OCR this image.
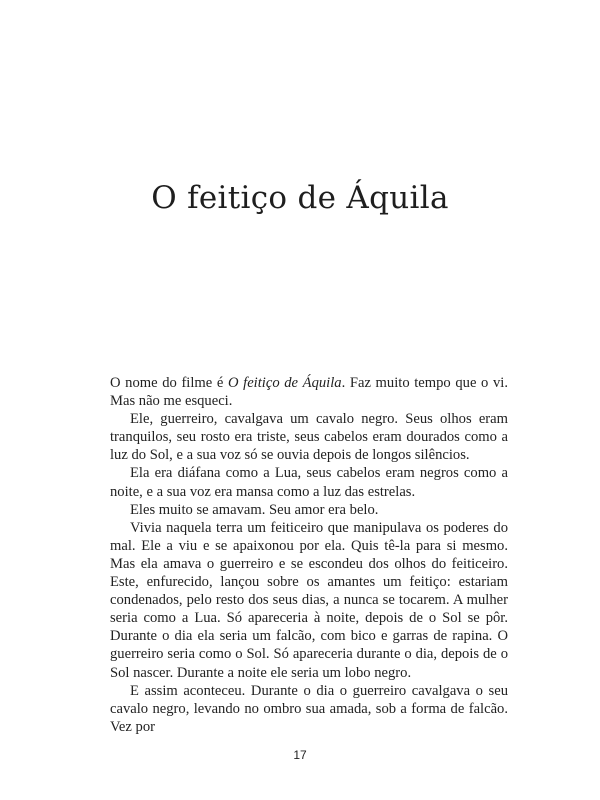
O feitiço de Áquila

O nome do filme é O feitiço de Áquila. Faz muito tempo que o vi. Mas não me esqueci.

Ele, guerreiro, cavalgava um cavalo negro. Seus olhos eram tranquilos, seu rosto era triste, seus cabelos eram dourados como a luz do Sol, e a sua voz só se ouvia depois de longos silêncios.

Ela era diáfana como a Lua, seus cabelos eram negros como a noite, e a sua voz era mansa como a luz das estrelas.

Eles muito se amavam. Seu amor era belo.

Vivia naquela terra um feiticeiro que manipulava os poderes do mal. Ele a viu e se apaixonou por ela. Quis tê-la para si mesmo. Mas ela amava o guerreiro e se escondeu dos olhos do feiticeiro. Este, enfurecido, lançou sobre os amantes um feitiço: estariam condenados, pelo resto dos seus dias, a nunca se tocarem. A mulher seria como a Lua. Só apareceria à noite, depois de o Sol se pôr. Durante o dia ela seria um falcão, com bico e garras de rapina. O guerreiro seria como o Sol. Só apareceria durante o dia, depois de o Sol nascer. Durante a noite ele seria um lobo negro.

E assim aconteceu. Durante o dia o guerreiro cavalgava o seu cavalo negro, levando no ombro sua amada, sob a forma de falcão. Vez por

17
